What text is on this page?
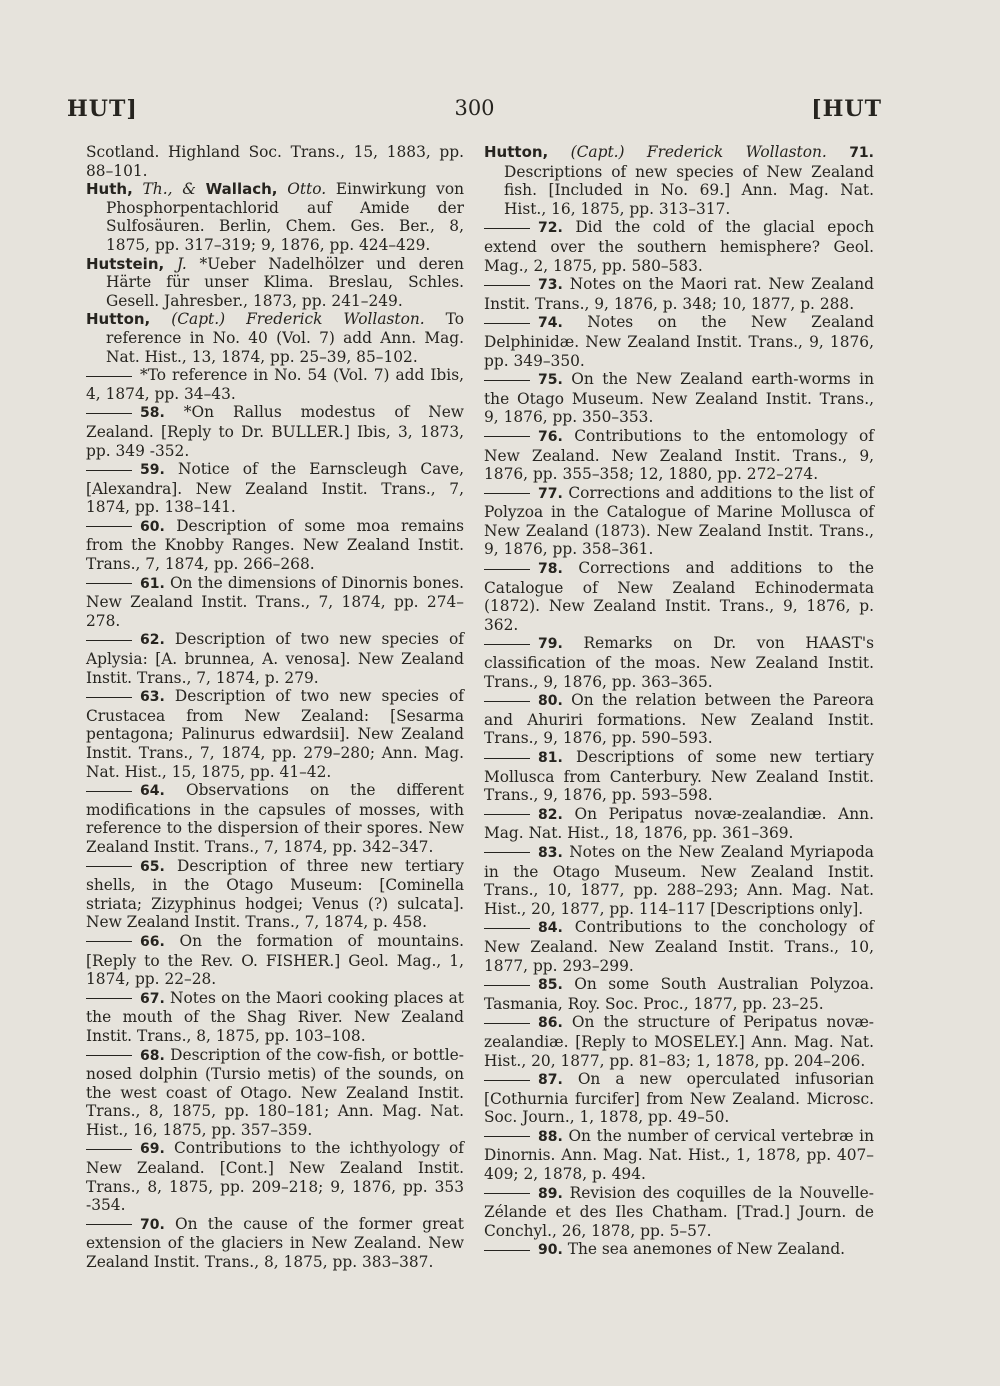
HUT]	300	[HUT

Scotland. Highland Soc. Trans., 15, 1883, pp. 88–101.

Huth, Th., & Wallach, Otto. Einwirkung von Phosphorpentachlorid auf Amide der Sulfosäuren. Berlin, Chem. Ges. Ber., 8, 1875, pp. 317–319; 9, 1876, pp. 424–429.

Hutstein, J. *Ueber Nadelhölzer und deren Härte für unser Klima. Breslau, Schles. Gesell. Jahresber., 1873, pp. 241–249.

Hutton, (Capt.) Frederick Wollaston. To reference in No. 40 (Vol. 7) add Ann. Mag. Nat. Hist., 13, 1874, pp. 25–39, 85–102.

*To reference in No. 54 (Vol. 7) add Ibis, 4, 1874, pp. 34–43.

58. *On Rallus modestus of New Zealand. [Reply to Dr. BULLER.] Ibis, 3, 1873, pp. 349 -352.

59. Notice of the Earnscleugh Cave, [Alexandra]. New Zealand Instit. Trans., 7, 1874, pp. 138–141.

60. Description of some moa remains from the Knobby Ranges. New Zealand Instit. Trans., 7, 1874, pp. 266–268.

61. On the dimensions of Dinornis bones. New Zealand Instit. Trans., 7, 1874, pp. 274–278.

62. Description of two new species of Aplysia: [A. brunnea, A. venosa]. New Zealand Instit. Trans., 7, 1874, p. 279.

63. Description of two new species of Crustacea from New Zealand: [Sesarma pentagona; Palinurus edwardsii]. New Zealand Instit. Trans., 7, 1874, pp. 279–280; Ann. Mag. Nat. Hist., 15, 1875, pp. 41–42.

64. Observations on the different modifications in the capsules of mosses, with reference to the dispersion of their spores. New Zealand Instit. Trans., 7, 1874, pp. 342–347.

65. Description of three new tertiary shells, in the Otago Museum: [Cominella striata; Zizyphinus hodgei; Venus (?) sulcata]. New Zealand Instit. Trans., 7, 1874, p. 458.

66. On the formation of mountains. [Reply to the Rev. O. FISHER.] Geol. Mag., 1, 1874, pp. 22–28.

67. Notes on the Maori cooking places at the mouth of the Shag River. New Zealand Instit. Trans., 8, 1875, pp. 103–108.

68. Description of the cow-fish, or bottle-nosed dolphin (Tursio metis) of the sounds, on the west coast of Otago. New Zealand Instit. Trans., 8, 1875, pp. 180–181; Ann. Mag. Nat. Hist., 16, 1875, pp. 357–359.

69. Contributions to the ichthyology of New Zealand. [Cont.] New Zealand Instit. Trans., 8, 1875, pp. 209–218; 9, 1876, pp. 353 -354.

70. On the cause of the former great extension of the glaciers in New Zealand. New Zealand Instit. Trans., 8, 1875, pp. 383–387.

Hutton, (Capt.) Frederick Wollaston. 71. Descriptions of new species of New Zealand fish. [Included in No. 69.] Ann. Mag. Nat. Hist., 16, 1875, pp. 313–317.

72. Did the cold of the glacial epoch extend over the southern hemisphere? Geol. Mag., 2, 1875, pp. 580–583.

73. Notes on the Maori rat. New Zealand Instit. Trans., 9, 1876, p. 348; 10, 1877, p. 288.

74. Notes on the New Zealand Delphinidæ. New Zealand Instit. Trans., 9, 1876, pp. 349–350.

75. On the New Zealand earth-worms in the Otago Museum. New Zealand Instit. Trans., 9, 1876, pp. 350–353.

76. Contributions to the entomology of New Zealand. New Zealand Instit. Trans., 9, 1876, pp. 355–358; 12, 1880, pp. 272–274.

77. Corrections and additions to the list of Polyzoa in the Catalogue of Marine Mollusca of New Zealand (1873). New Zealand Instit. Trans., 9, 1876, pp. 358–361.

78. Corrections and additions to the Catalogue of New Zealand Echinodermata (1872). New Zealand Instit. Trans., 9, 1876, p. 362.

79. Remarks on Dr. von HAAST's classification of the moas. New Zealand Instit. Trans., 9, 1876, pp. 363–365.

80. On the relation between the Pareora and Ahuriri formations. New Zealand Instit. Trans., 9, 1876, pp. 590–593.

81. Descriptions of some new tertiary Mollusca from Canterbury. New Zealand Instit. Trans., 9, 1876, pp. 593–598.

82. On Peripatus novæ-zealandiæ. Ann. Mag. Nat. Hist., 18, 1876, pp. 361–369.

83. Notes on the New Zealand Myriapoda in the Otago Museum. New Zealand Instit. Trans., 10, 1877, pp. 288–293; Ann. Mag. Nat. Hist., 20, 1877, pp. 114–117 [Descriptions only].

84. Contributions to the conchology of New Zealand. New Zealand Instit. Trans., 10, 1877, pp. 293–299.

85. On some South Australian Polyzoa. Tasmania, Roy. Soc. Proc., 1877, pp. 23–25.

86. On the structure of Peripatus novæ-zealandiæ. [Reply to MOSELEY.] Ann. Mag. Nat. Hist., 20, 1877, pp. 81–83; 1, 1878, pp. 204–206.

87. On a new operculated infusorian [Cothurnia furcifer] from New Zealand. Microsc. Soc. Journ., 1, 1878, pp. 49–50.

88. On the number of cervical vertebræ in Dinornis. Ann. Mag. Nat. Hist., 1, 1878, pp. 407–409; 2, 1878, p. 494.

89. Revision des coquilles de la Nouvelle-Zélande et des Iles Chatham. [Trad.] Journ. de Conchyl., 26, 1878, pp. 5–57.

90. The sea anemones of New Zealand.
